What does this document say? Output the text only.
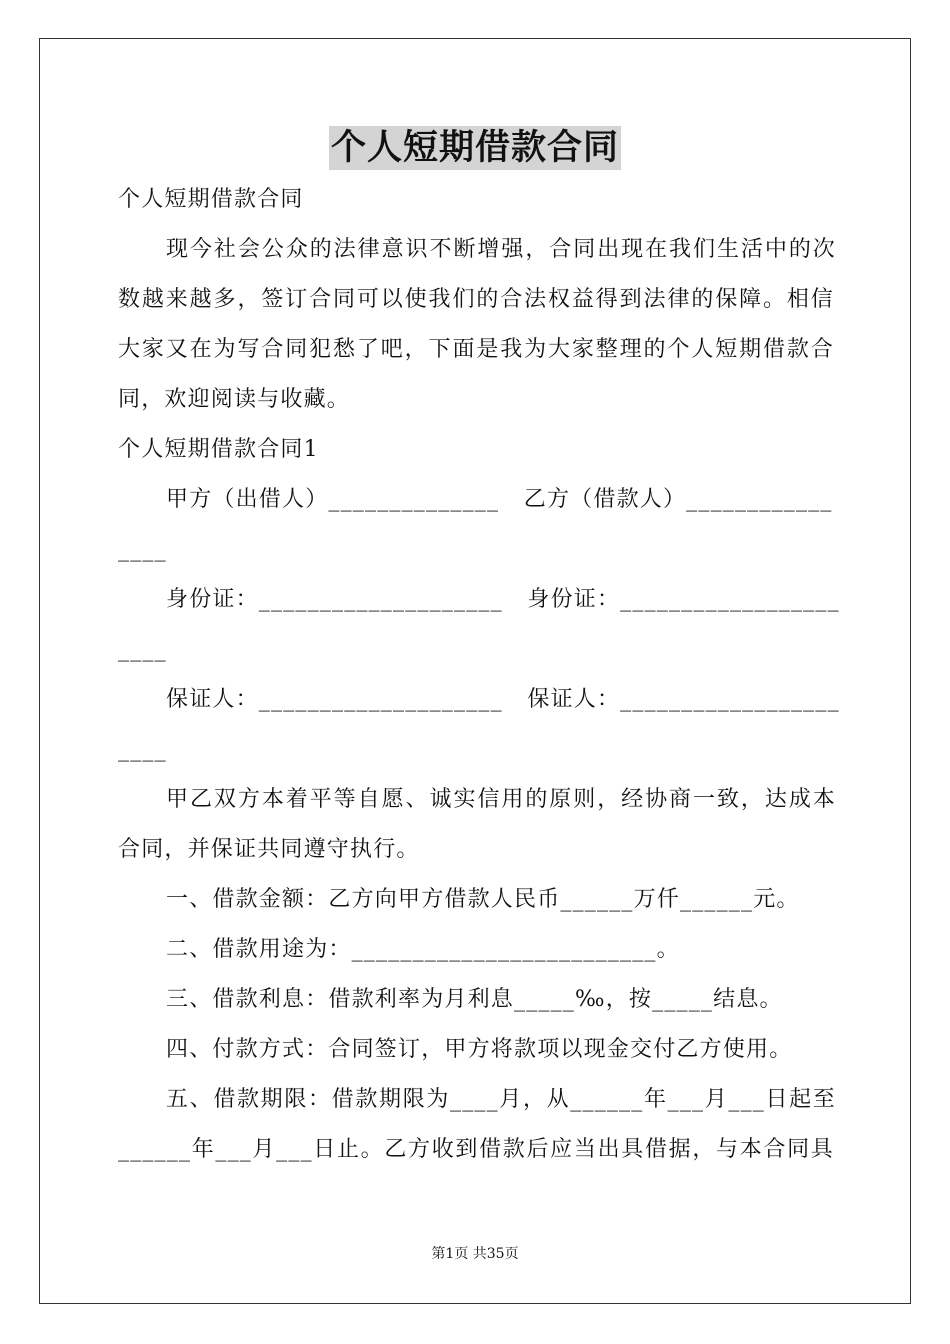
个人短期借款合同
个人短期借款合同
现今社会公众的法律意识不断增强，合同出现在我们生活中的次
数越来越多，签订合同可以使我们的合法权益得到法律的保障。相信
大家又在为写合同犯愁了吧，下面是我为大家整理的个人短期借款合
同，欢迎阅读与收藏。
个人短期借款合同1
甲方（出借人）______________   乙方（借款人）____________
____
身份证：____________________   身份证：__________________
____
保证人：____________________   保证人：__________________
____
甲乙双方本着平等自愿、诚实信用的原则，经协商一致，达成本
合同，并保证共同遵守执行。
一、借款金额：乙方向甲方借款人民币______万仟______元。
二、借款用途为：_________________________。
三、借款利息：借款利率为月利息_____‰，按_____结息。
四、付款方式：合同签订，甲方将款项以现金交付乙方使用。
五、借款期限：借款期限为____月，从______年___月___日起至
______年___月___日止。乙方收到借款后应当出具借据，与本合同具
第1页 共35页
